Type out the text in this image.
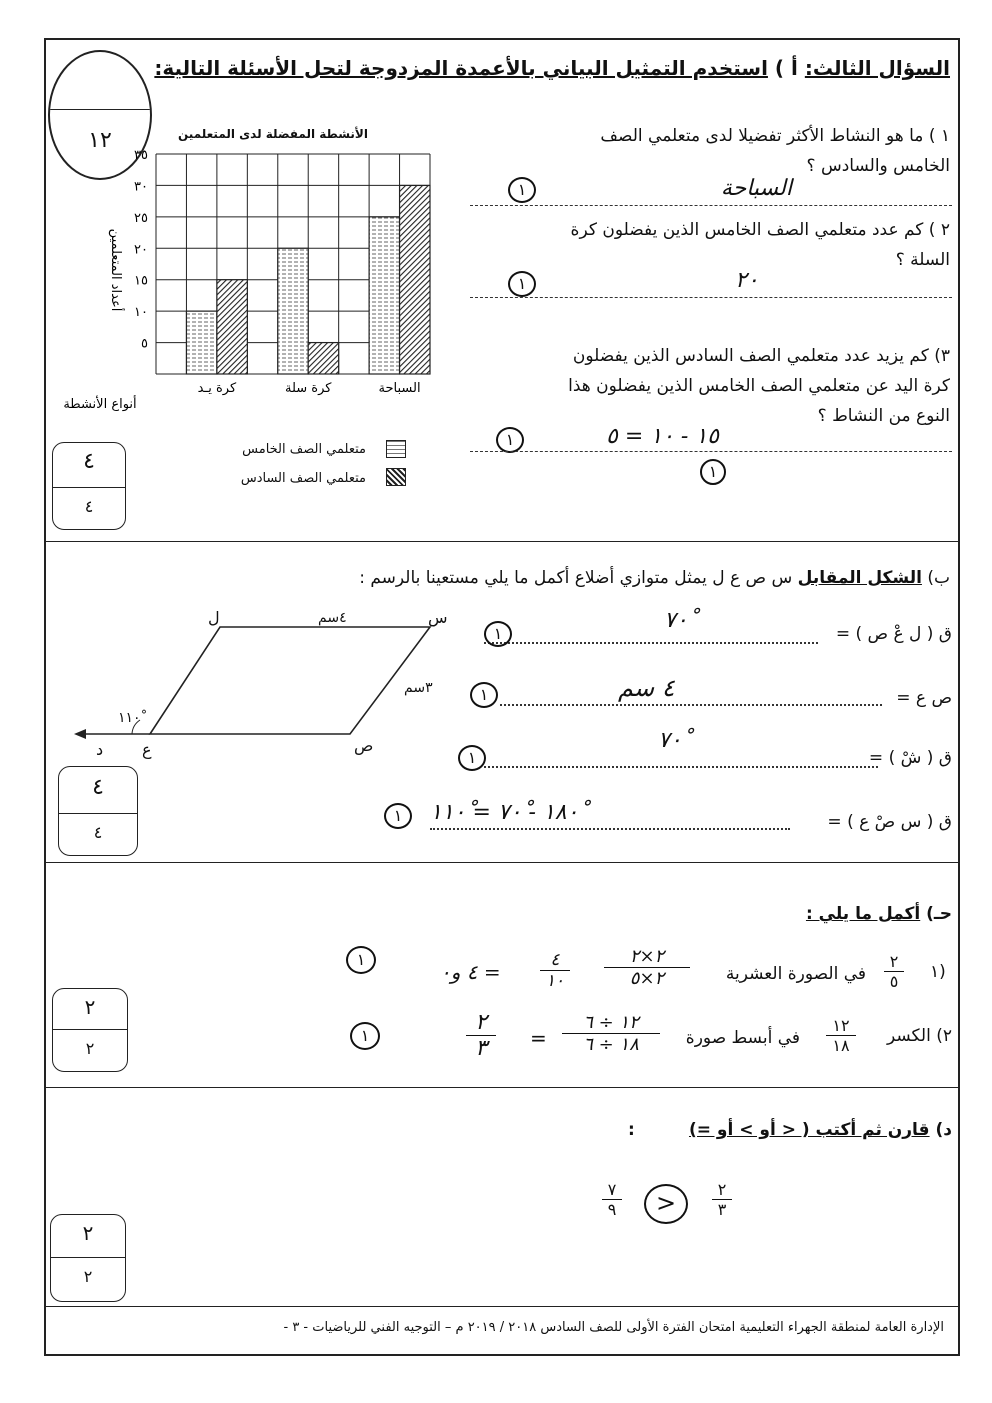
السؤال الثالث: أ ) استخدم التمثيل البياني بالأعمدة المزدوجة لتحل الأسئلة التالية:
١٢	الأنشطة المفضلة لدى المتعلمين
٥
١٠
١٥
٢٠
٢٥
٣٠
٣٥
أعداد المتعلمين
كرة يـد	كرة سلة	السباحة
أنواع الأنشطة
متعلمي الصف الخامس
متعلمي الصف السادس
٤
٤
١ ) ما هو النشاط الأكثر تفضيلا لدى متعلمي الصف
الخامس والسادس ؟
السباحة
١
٢ ) كم عدد متعلمي الصف الخامس الذين يفضلون كرة
السلة ؟
٢٠
١
٣) كم يزيد عدد متعلمي الصف السادس الذين يفضلون
كرة اليد عن متعلمي الصف الخامس الذين يفضلون هذا
النوع من النشاط ؟
١٥ - ١٠ = ٥
١
١
ب) الشكل المقابل س ص ع ل يمثل متوازي أضلاع أكمل ما يلي مستعينا بالرسم :
ل	س
٤سم
٣سم
١١٠ْ
د ع	ص
٤
٤
ق ( ل عْ ص ) =
٧٠ْ
١
ص ع =
٤ سم
١
ق ( شْ ) =
٧٠ْ
١
ق ( س صْ ع ) =
١٨٠ْ - ٧٠ْ = ١١٠ْ
١
حـ) أكمل ما يلي :
١)
٢
٥
في الصورة العشرية
٢×٢
٢×٥
٤
١٠
= ٤ و٠
١
٢) الكسر
١٢
١٨
في أبسط صورة
١٢ ÷ ٦
١٨ ÷ ٦
٢
٣	=
١
٢
٢
د) قارن ثم أكتب ( < أو > أو =)
:
٢
٣
>
٧
٩
٢
٢
الإدارة العامة لمنطقة الجهراء التعليمية امتحان الفترة الأولى للصف السادس ٢٠١٨ / ٢٠١٩ م – التوجيه الفني للرياضيات - ٣ -
